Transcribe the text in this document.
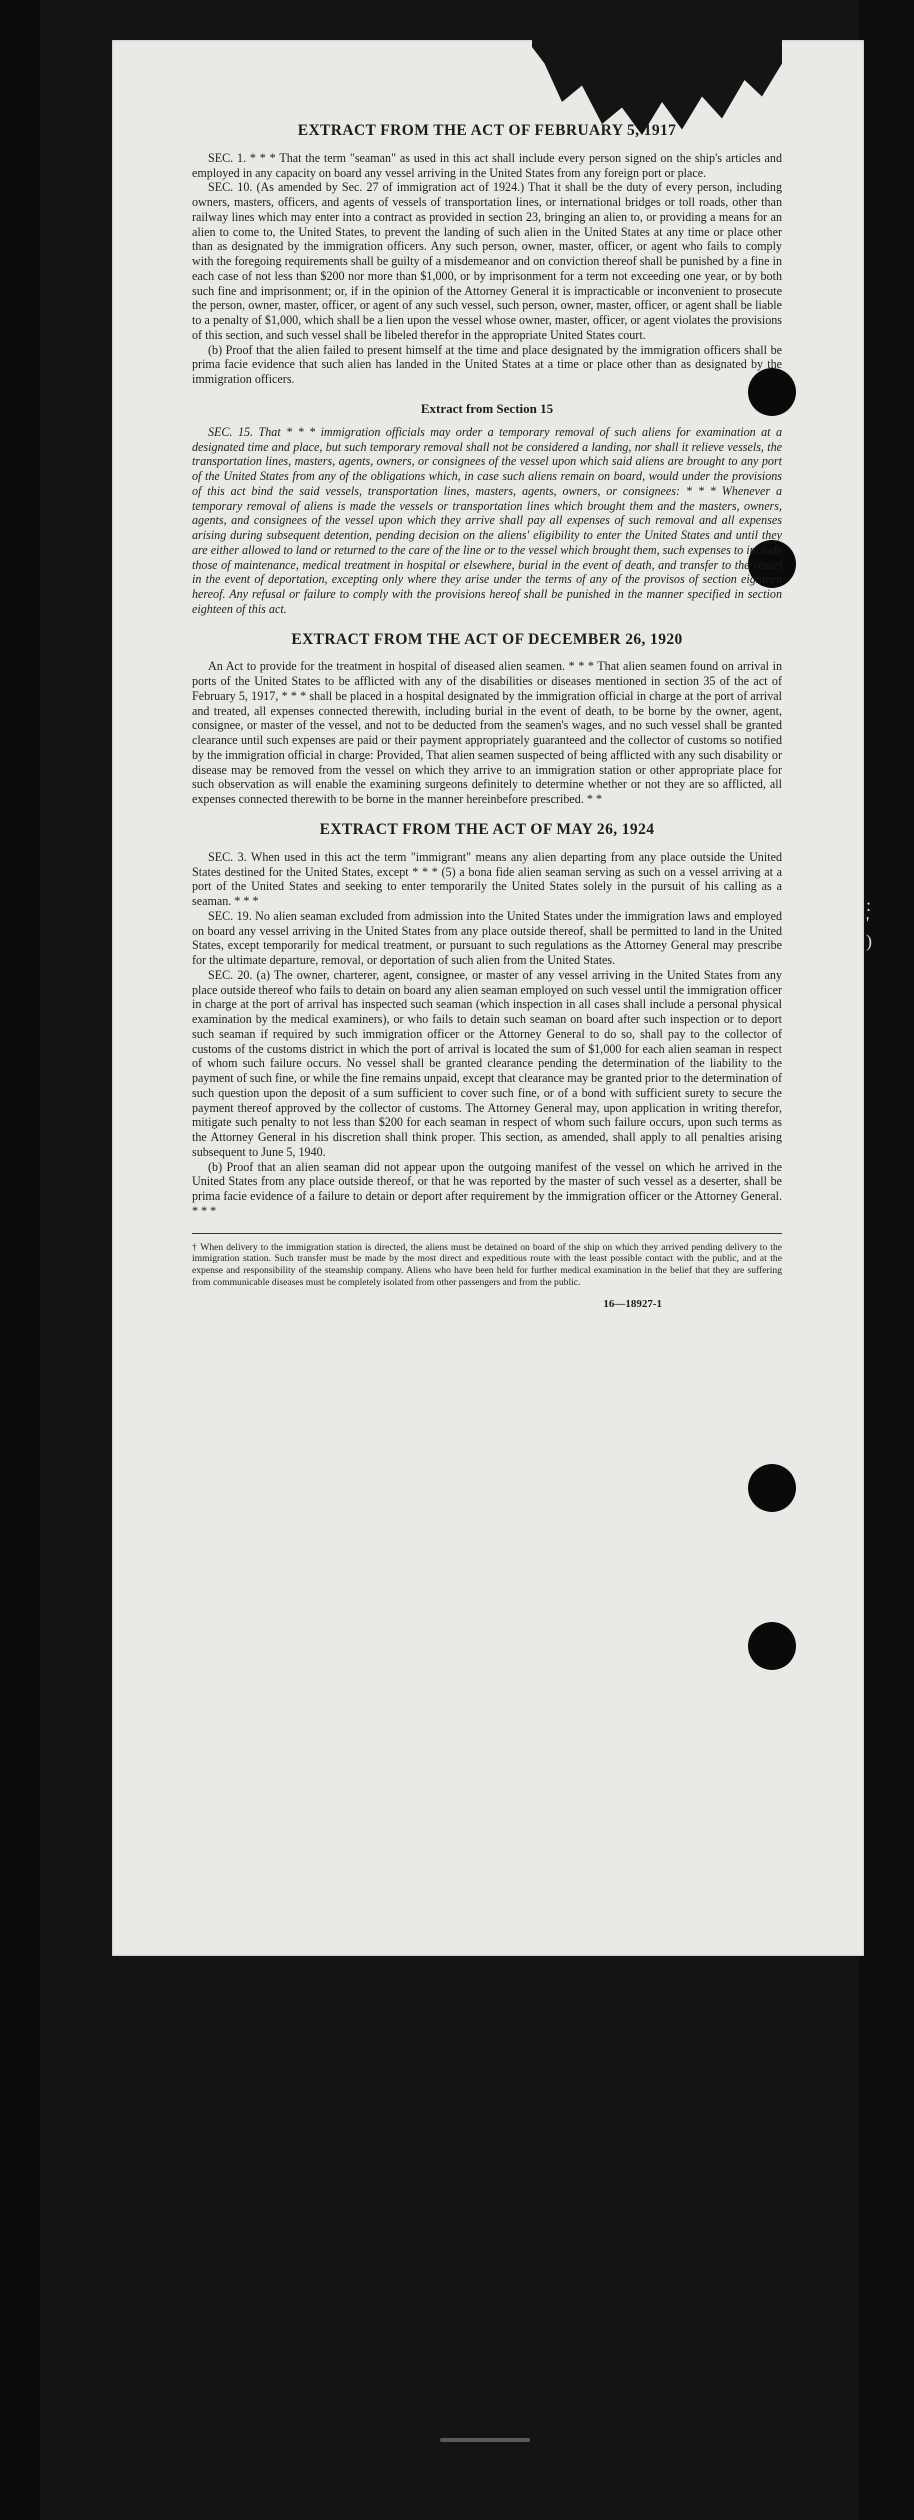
EXTRACT FROM THE ACT OF FEBRUARY 5, 1917

SEC. 1. * * * That the term "seaman" as used in this act shall include every person signed on the ship's articles and employed in any capacity on board any vessel arriving in the United States from any foreign port or place.

SEC. 10. (As amended by Sec. 27 of immigration act of 1924.) That it shall be the duty of every person, including owners, masters, officers, and agents of vessels of transportation lines, or international bridges or toll roads, other than railway lines which may enter into a contract as provided in section 23, bringing an alien to, or providing a means for an alien to come to, the United States, to prevent the landing of such alien in the United States at any time or place other than as designated by the immigration officers. Any such person, owner, master, officer, or agent who fails to comply with the foregoing requirements shall be guilty of a misdemeanor and on conviction thereof shall be punished by a fine in each case of not less than $200 nor more than $1,000, or by imprisonment for a term not exceeding one year, or by both such fine and imprisonment; or, if in the opinion of the Attorney General it is impracticable or inconvenient to prosecute the person, owner, master, officer, or agent of any such vessel, such person, owner, master, officer, or agent shall be liable to a penalty of $1,000, which shall be a lien upon the vessel whose owner, master, officer, or agent violates the provisions of this section, and such vessel shall be libeled therefor in the appropriate United States court.

(b) Proof that the alien failed to present himself at the time and place designated by the immigration officers shall be prima facie evidence that such alien has landed in the United States at a time or place other than as designated by the immigration officers.

Extract from Section 15

SEC. 15. That * * * immigration officials may order a temporary removal of such aliens for examination at a designated time and place, but such temporary removal shall not be considered a landing, nor shall it relieve vessels, the transportation lines, masters, agents, owners, or consignees of the vessel upon which said aliens are brought to any port of the United States from any of the obligations which, in case such aliens remain on board, would under the provisions of this act bind the said vessels, transportation lines, masters, agents, owners, or consignees: * * * Whenever a temporary removal of aliens is made the vessels or transportation lines which brought them and the masters, owners, agents, and consignees of the vessel upon which they arrive shall pay all expenses of such removal and all expenses arising during subsequent detention, pending decision on the aliens' eligibility to enter the United States and until they are either allowed to land or returned to the care of the line or to the vessel which brought them, such expenses to include those of maintenance, medical treatment in hospital or elsewhere, burial in the event of death, and transfer to the vessel in the event of deportation, excepting only where they arise under the terms of any of the provisos of section eighteen hereof. Any refusal or failure to comply with the provisions hereof shall be punished in the manner specified in section eighteen of this act.

EXTRACT FROM THE ACT OF DECEMBER 26, 1920

An Act to provide for the treatment in hospital of diseased alien seamen. * * * That alien seamen found on arrival in ports of the United States to be afflicted with any of the disabilities or diseases mentioned in section 35 of the act of February 5, 1917, * * * shall be placed in a hospital designated by the immigration official in charge at the port of arrival and treated, all expenses connected therewith, including burial in the event of death, to be borne by the owner, agent, consignee, or master of the vessel, and not to be deducted from the seamen's wages, and no such vessel shall be granted clearance until such expenses are paid or their payment appropriately guaranteed and the collector of customs so notified by the immigration official in charge: Provided, That alien seamen suspected of being afflicted with any such disability or disease may be removed from the vessel on which they arrive to an immigration station or other appropriate place for such observation as will enable the examining surgeons definitely to determine whether or not they are so afflicted, all expenses connected therewith to be borne in the manner hereinbefore prescribed. * *

EXTRACT FROM THE ACT OF MAY 26, 1924

SEC. 3. When used in this act the term "immigrant" means any alien departing from any place outside the United States destined for the United States, except * * * (5) a bona fide alien seaman serving as such on a vessel arriving at a port of the United States and seeking to enter temporarily the United States solely in the pursuit of his calling as a seaman. * * *

SEC. 19. No alien seaman excluded from admission into the United States under the immigration laws and employed on board any vessel arriving in the United States from any place outside thereof, shall be permitted to land in the United States, except temporarily for medical treatment, or pursuant to such regulations as the Attorney General may prescribe for the ultimate departure, removal, or deportation of such alien from the United States.

SEC. 20. (a) The owner, charterer, agent, consignee, or master of any vessel arriving in the United States from any place outside thereof who fails to detain on board any alien seaman employed on such vessel until the immigration officer in charge at the port of arrival has inspected such seaman (which inspection in all cases shall include a personal physical examination by the medical examiners), or who fails to detain such seaman on board after such inspection or to deport such seaman if required by such immigration officer or the Attorney General to do so, shall pay to the collector of customs of the customs district in which the port of arrival is located the sum of $1,000 for each alien seaman in respect of whom such failure occurs. No vessel shall be granted clearance pending the determination of the liability to the payment of such fine, or while the fine remains unpaid, except that clearance may be granted prior to the determination of such question upon the deposit of a sum sufficient to cover such fine, or of a bond with sufficient surety to secure the payment thereof approved by the collector of customs. The Attorney General may, upon application in writing therefor, mitigate such penalty to not less than $200 for each seaman in respect of whom such failure occurs, upon such terms as the Attorney General in his discretion shall think proper. This section, as amended, shall apply to all penalties arising subsequent to June 5, 1940.

(b) Proof that an alien seaman did not appear upon the outgoing manifest of the vessel on which he arrived in the United States from any place outside thereof, or that he was reported by the master of such vessel as a deserter, shall be prima facie evidence of a failure to detain or deport after requirement by the immigration officer or the Attorney General. * * *

† When delivery to the immigration station is directed, the aliens must be detained on board of the ship on which they arrived pending delivery to the immigration station. Such transfer must be made by the most direct and expeditious route with the least possible contact with the public, and at the expense and responsibility of the steamship company. Aliens who have been held for further medical examination in the belief that they are suffering from communicable diseases must be completely isolated from other passengers and from the public.
16—18927-1
:
'
)
